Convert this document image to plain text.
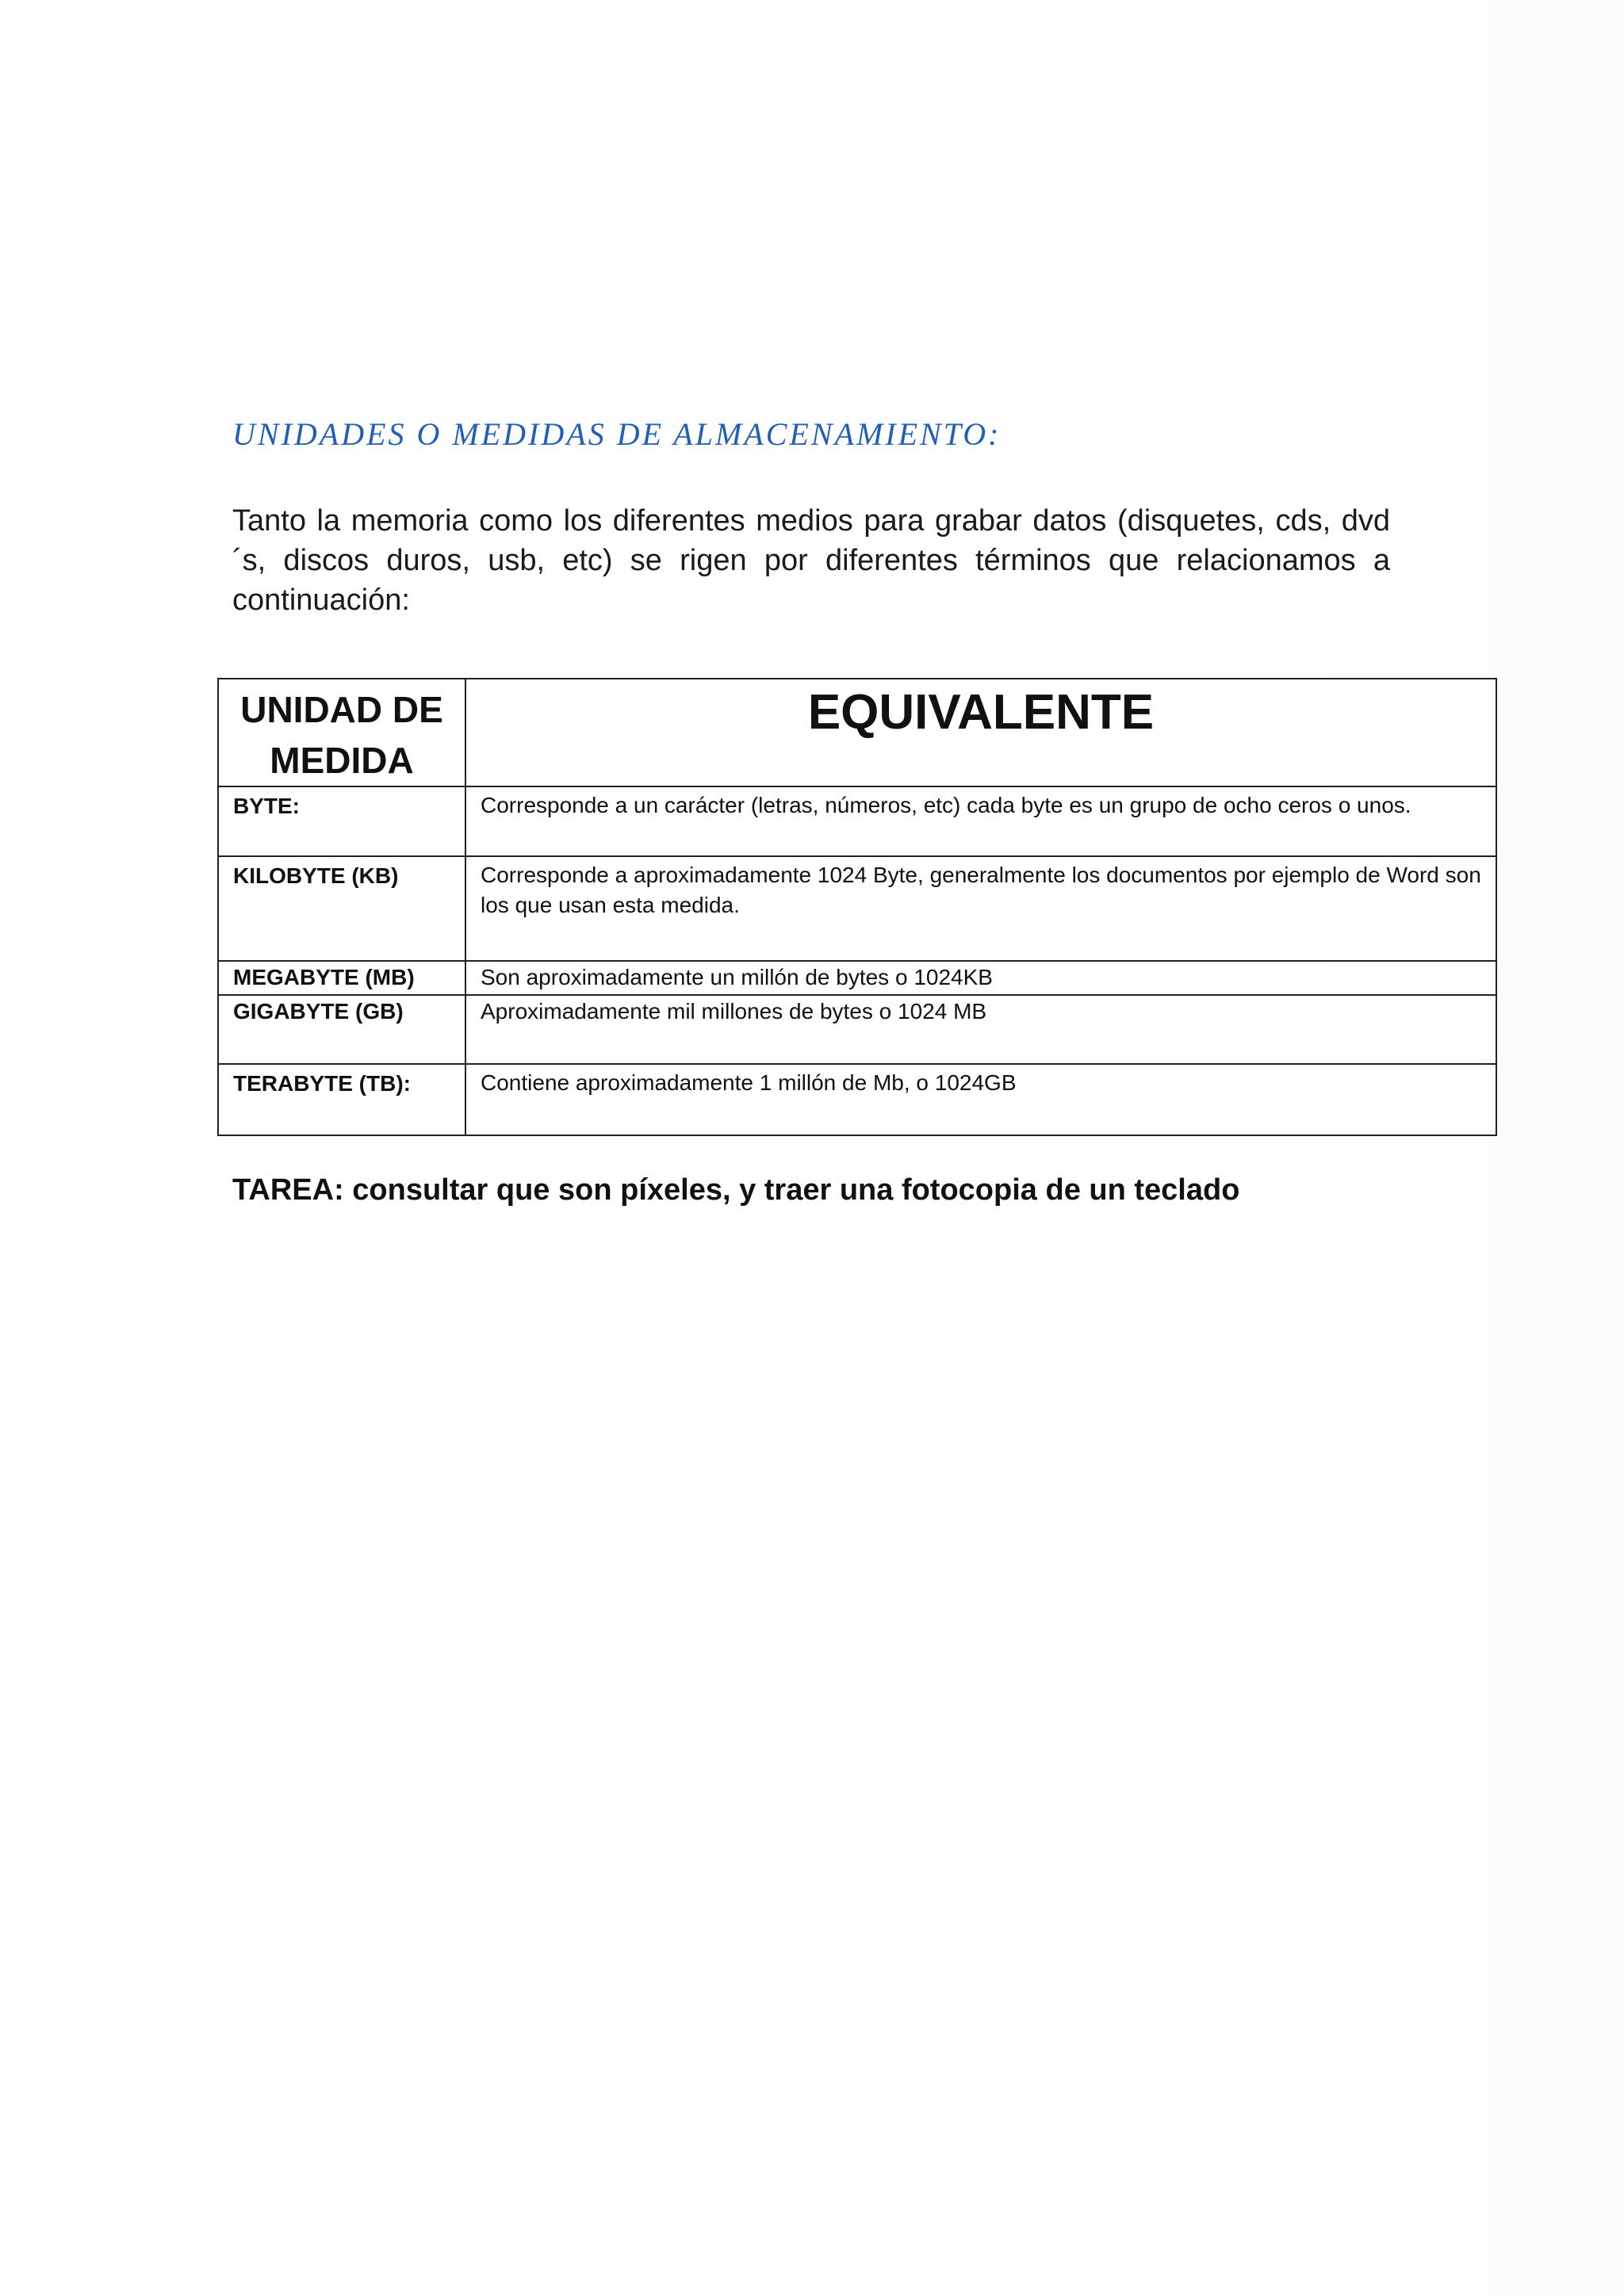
UNIDADES O MEDIDAS DE ALMACENAMIENTO:

Tanto la memoria como los diferentes medios para grabar datos (disquetes, cds, dvd´s, discos duros, usb, etc) se rigen por diferentes términos que relacionamos a continuación:

UNIDAD DE MEDIDA	EQUIVALENTE
BYTE:	Corresponde a un carácter (letras, números, etc) cada byte es un grupo de ocho ceros o unos.
KILOBYTE (KB)	Corresponde a aproximadamente 1024 Byte, generalmente los documentos por ejemplo de Word son los que usan esta medida.
MEGABYTE (MB)	Son aproximadamente un millón de bytes o 1024KB
GIGABYTE (GB)	Aproximadamente mil millones de bytes o 1024 MB
TERABYTE (TB):	Contiene aproximadamente 1 millón de Mb, o 1024GB
TAREA: consultar que son píxeles, y traer una fotocopia de un teclado
